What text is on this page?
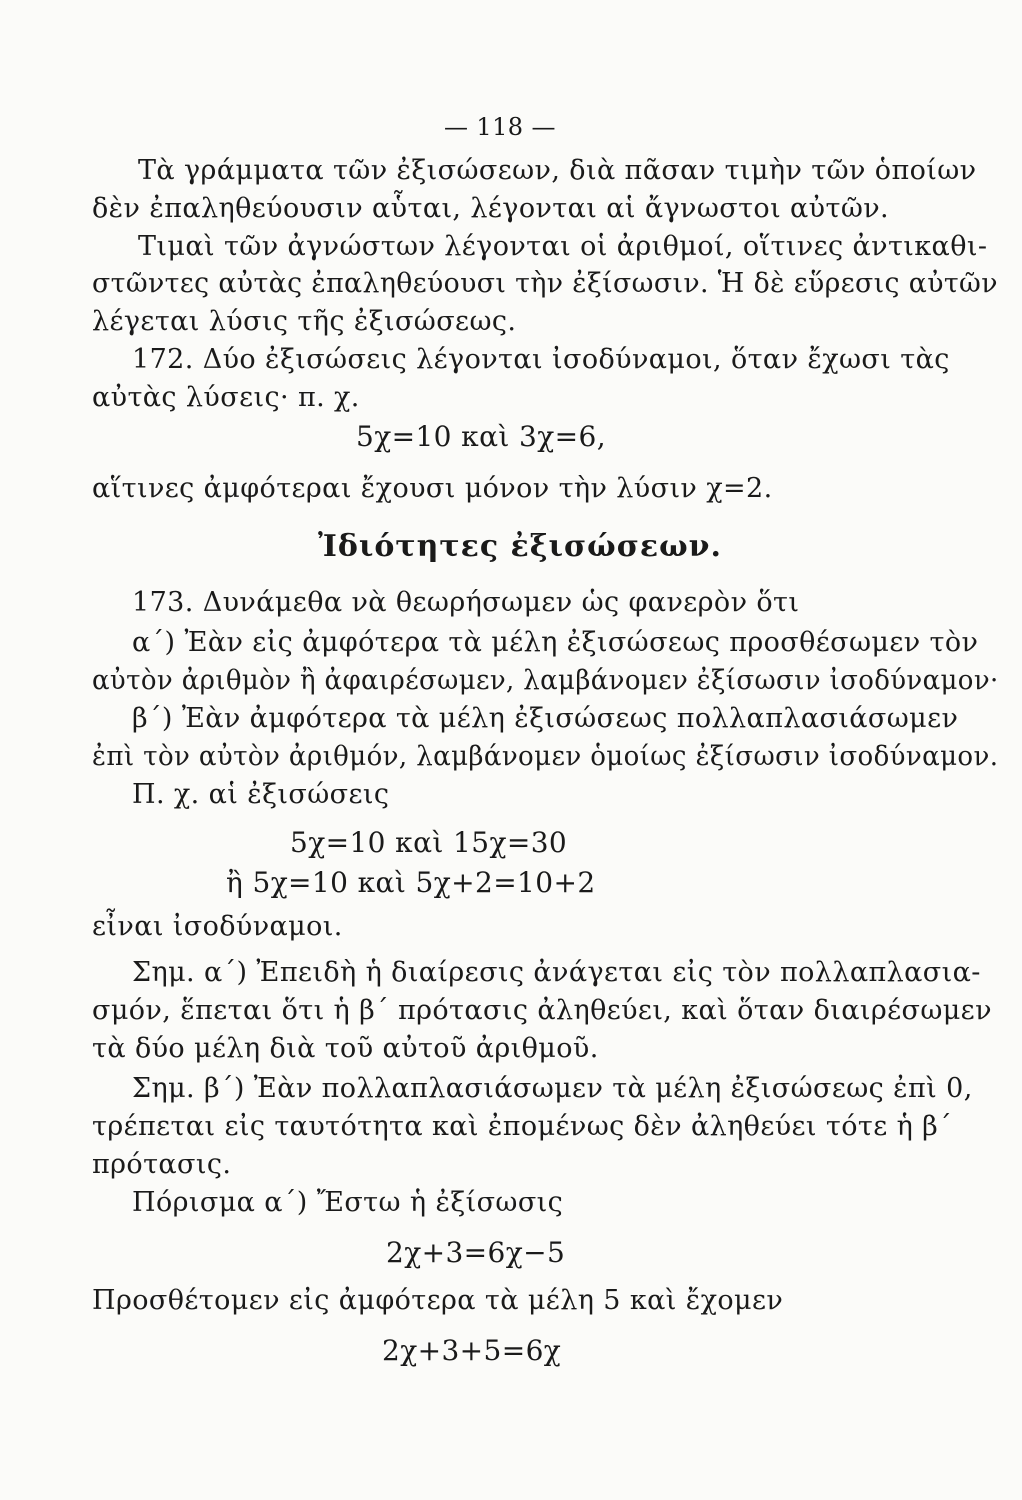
— 118 —
Τὰ γράμματα τῶν ἐξισώσεων, διὰ πᾶσαν τιμὴν τῶν ὁποίων
δὲν ἐπαληθεύουσιν αὗται, λέγονται αἱ ἄγνωστοι αὐτῶν.
Τιμαὶ τῶν ἀγνώστων λέγονται οἱ ἀριθμοί, οἵτινες ἀντικαθι-
στῶντες αὐτὰς ἐπαληθεύουσι τὴν ἐξίσωσιν. Ἡ δὲ εὕρεσις αὐτῶν
λέγεται λύσις τῆς ἐξισώσεως.
172. Δύο ἐξισώσεις λέγονται ἰσοδύναμοι, ὅταν ἔχωσι τὰς
αὐτὰς λύσεις· π. χ.
5χ=10 καὶ 3χ=6,
αἵτινες ἀμφότεραι ἔχουσι μόνον τὴν λύσιν χ=2.
Ἰδιότητες ἐξισώσεων.
173. Δυνάμεθα νὰ θεωρήσωμεν ὡς φανερὸν ὅτι
α΄) Ἐὰν εἰς ἀμφότερα τὰ μέλη ἐξισώσεως προσθέσωμεν τὸν
αὐτὸν ἀριθμὸν ἢ ἀφαιρέσωμεν, λαμβάνομεν ἐξίσωσιν ἰσοδύναμον·
β΄) Ἐὰν ἀμφότερα τὰ μέλη ἐξισώσεως πολλαπλασιάσωμεν
ἐπὶ τὸν αὐτὸν ἀριθμόν, λαμβάνομεν ὁμοίως ἐξίσωσιν ἰσοδύναμον.
Π. χ. αἱ ἐξισώσεις
5χ=10 καὶ 15χ=30
ἢ 5χ=10 καὶ 5χ+2=10+2
εἶναι ἰσοδύναμοι.
Σημ. α΄) Ἐπειδὴ ἡ διαίρεσις ἀνάγεται εἰς τὸν πολλαπλασια-
σμόν, ἕπεται ὅτι ἡ β΄ πρότασις ἀληθεύει, καὶ ὅταν διαιρέσωμεν
τὰ δύο μέλη διὰ τοῦ αὐτοῦ ἀριθμοῦ.
Σημ. β΄) Ἐὰν πολλαπλασιάσωμεν τὰ μέλη ἐξισώσεως ἐπὶ 0,
τρέπεται εἰς ταυτότητα καὶ ἐπομένως δὲν ἀληθεύει τότε ἡ β΄
πρότασις.
Πόρισμα α΄) Ἔστω ἡ ἐξίσωσις
2χ+3=6χ−5
Προσθέτομεν εἰς ἀμφότερα τὰ μέλη 5 καὶ ἔχομεν
2χ+3+5=6χ
